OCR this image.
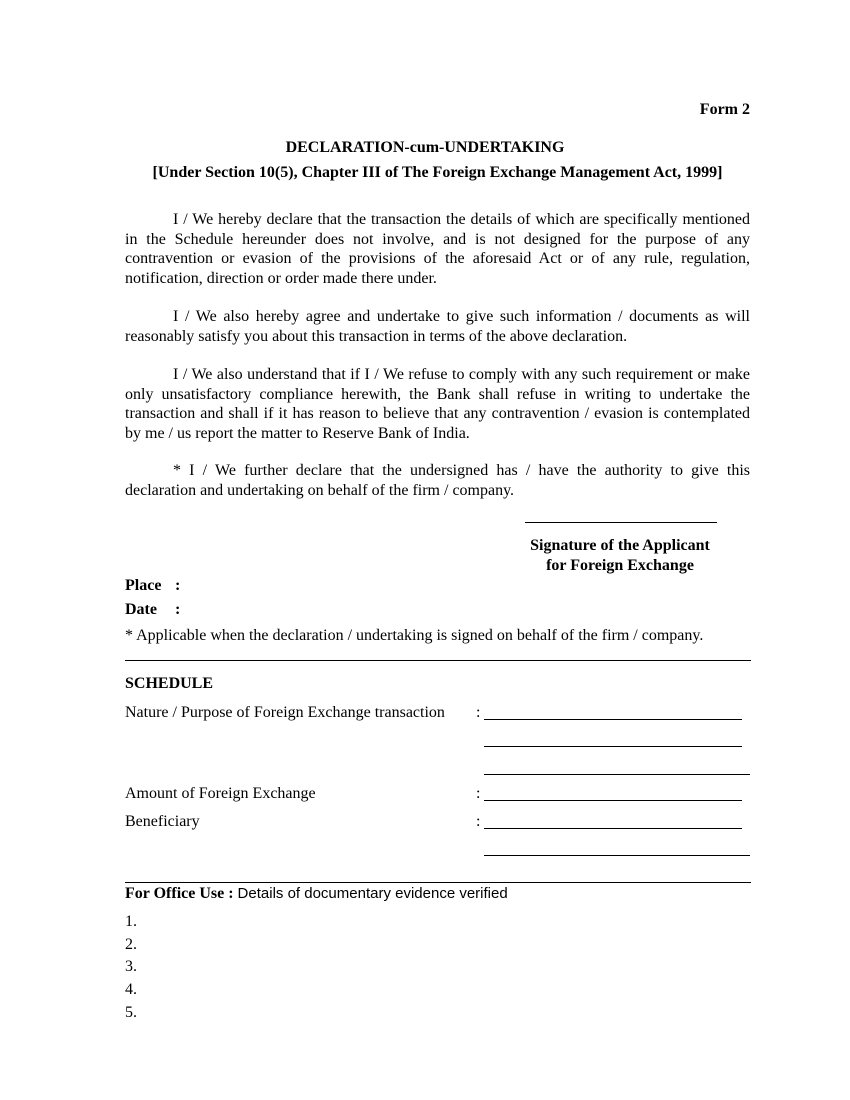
Form 2
DECLARATION-cum-UNDERTAKING
[Under Section 10(5), Chapter III of The Foreign Exchange Management Act, 1999]
I / We hereby declare that the transaction the details of which are specifically mentioned in the Schedule hereunder does not involve, and is not designed for the purpose of any contravention or evasion of the provisions of the aforesaid Act or of any rule, regulation, notification, direction or order made there under.
I / We also hereby agree and undertake to give such information / documents as will reasonably satisfy you about this transaction in terms of the above declaration.
I / We also understand that if I / We refuse to comply with any such requirement or make only unsatisfactory compliance herewith, the Bank shall refuse in writing to undertake the transaction and shall if it has reason to believe that any contravention / evasion is contemplated by me / us report the matter to Reserve Bank of India.
* I / We further declare that the undersigned has / have the authority to give this declaration and undertaking on behalf of the firm / company.
Signature of the Applicant
for Foreign Exchange
Place :
Date :
* Applicable when the declaration / undertaking is signed on behalf of the firm / company.
SCHEDULE
Nature / Purpose of Foreign Exchange transaction :
Amount of Foreign Exchange	:
Beneficiary	:
For Office Use : Details of documentary evidence verified
1.
2.
3.
4.
5.
